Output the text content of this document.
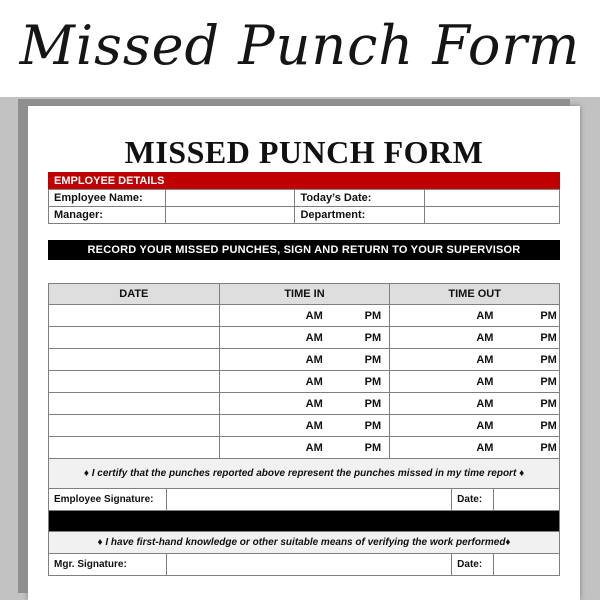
Missed Punch Form
MISSED PUNCH FORM
EMPLOYEE DETAILS
Employee Name:		Today’s Date:	
Manager:		Department:	
RECORD YOUR MISSED PUNCHES, SIGN AND RETURN TO YOUR SUPERVISOR
DATE	TIME IN	TIME OUT

	AM PM	AM PM

	AM PM	AM PM

	AM PM	AM PM

	AM PM	AM PM

	AM PM	AM PM

	AM PM	AM PM

	AM PM	AM PM

♦ I certify that the punches reported above represent the punches missed in my time report ♦		
Employee Signature:		Date:	

♦ I have first-hand knowledge or other suitable means of verifying the work performed♦			
Mgr. Signature:		Date:	
